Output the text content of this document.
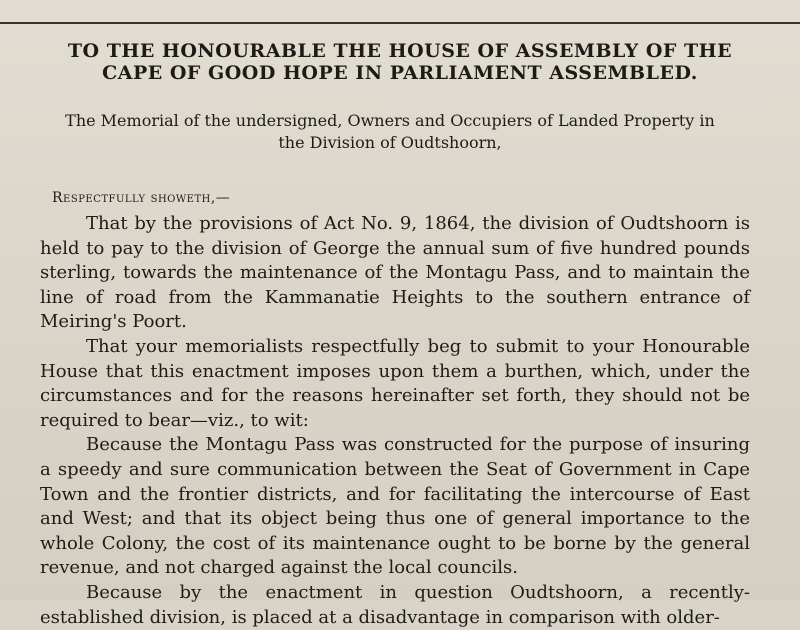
TO THE HONOURABLE THE HOUSE OF ASSEMBLY OF THE
CAPE OF GOOD HOPE IN PARLIAMENT ASSEMBLED.
The Memorial of the undersigned, Owners and Occupiers of Landed Property in
the Division of Oudtshoorn,
Respectfully showeth,—

That by the provisions of Act No. 9, 1864, the division of Oudtshoorn is held to pay to the division of George the annual sum of five hundred pounds sterling, towards the maintenance of the Montagu Pass, and to maintain the line of road from the Kammanatie Heights to the southern entrance of Meiring's Poort.

That your memorialists respectfully beg to submit to your Honourable House that this enactment imposes upon them a burthen, which, under the circumstances and for the reasons hereinafter set forth, they should not be required to bear—viz., to wit:

Because the Montagu Pass was constructed for the purpose of insuring a speedy and sure communication between the Seat of Government in Cape Town and the frontier districts, and for facilitating the intercourse of East and West; and that its object being thus one of general importance to the whole Colony, the cost of its maintenance ought to be borne by the general revenue, and not charged against the local councils.

Because by the enactment in question Oudtshoorn, a recently-established division, is placed at a disadvantage in comparison with older-
